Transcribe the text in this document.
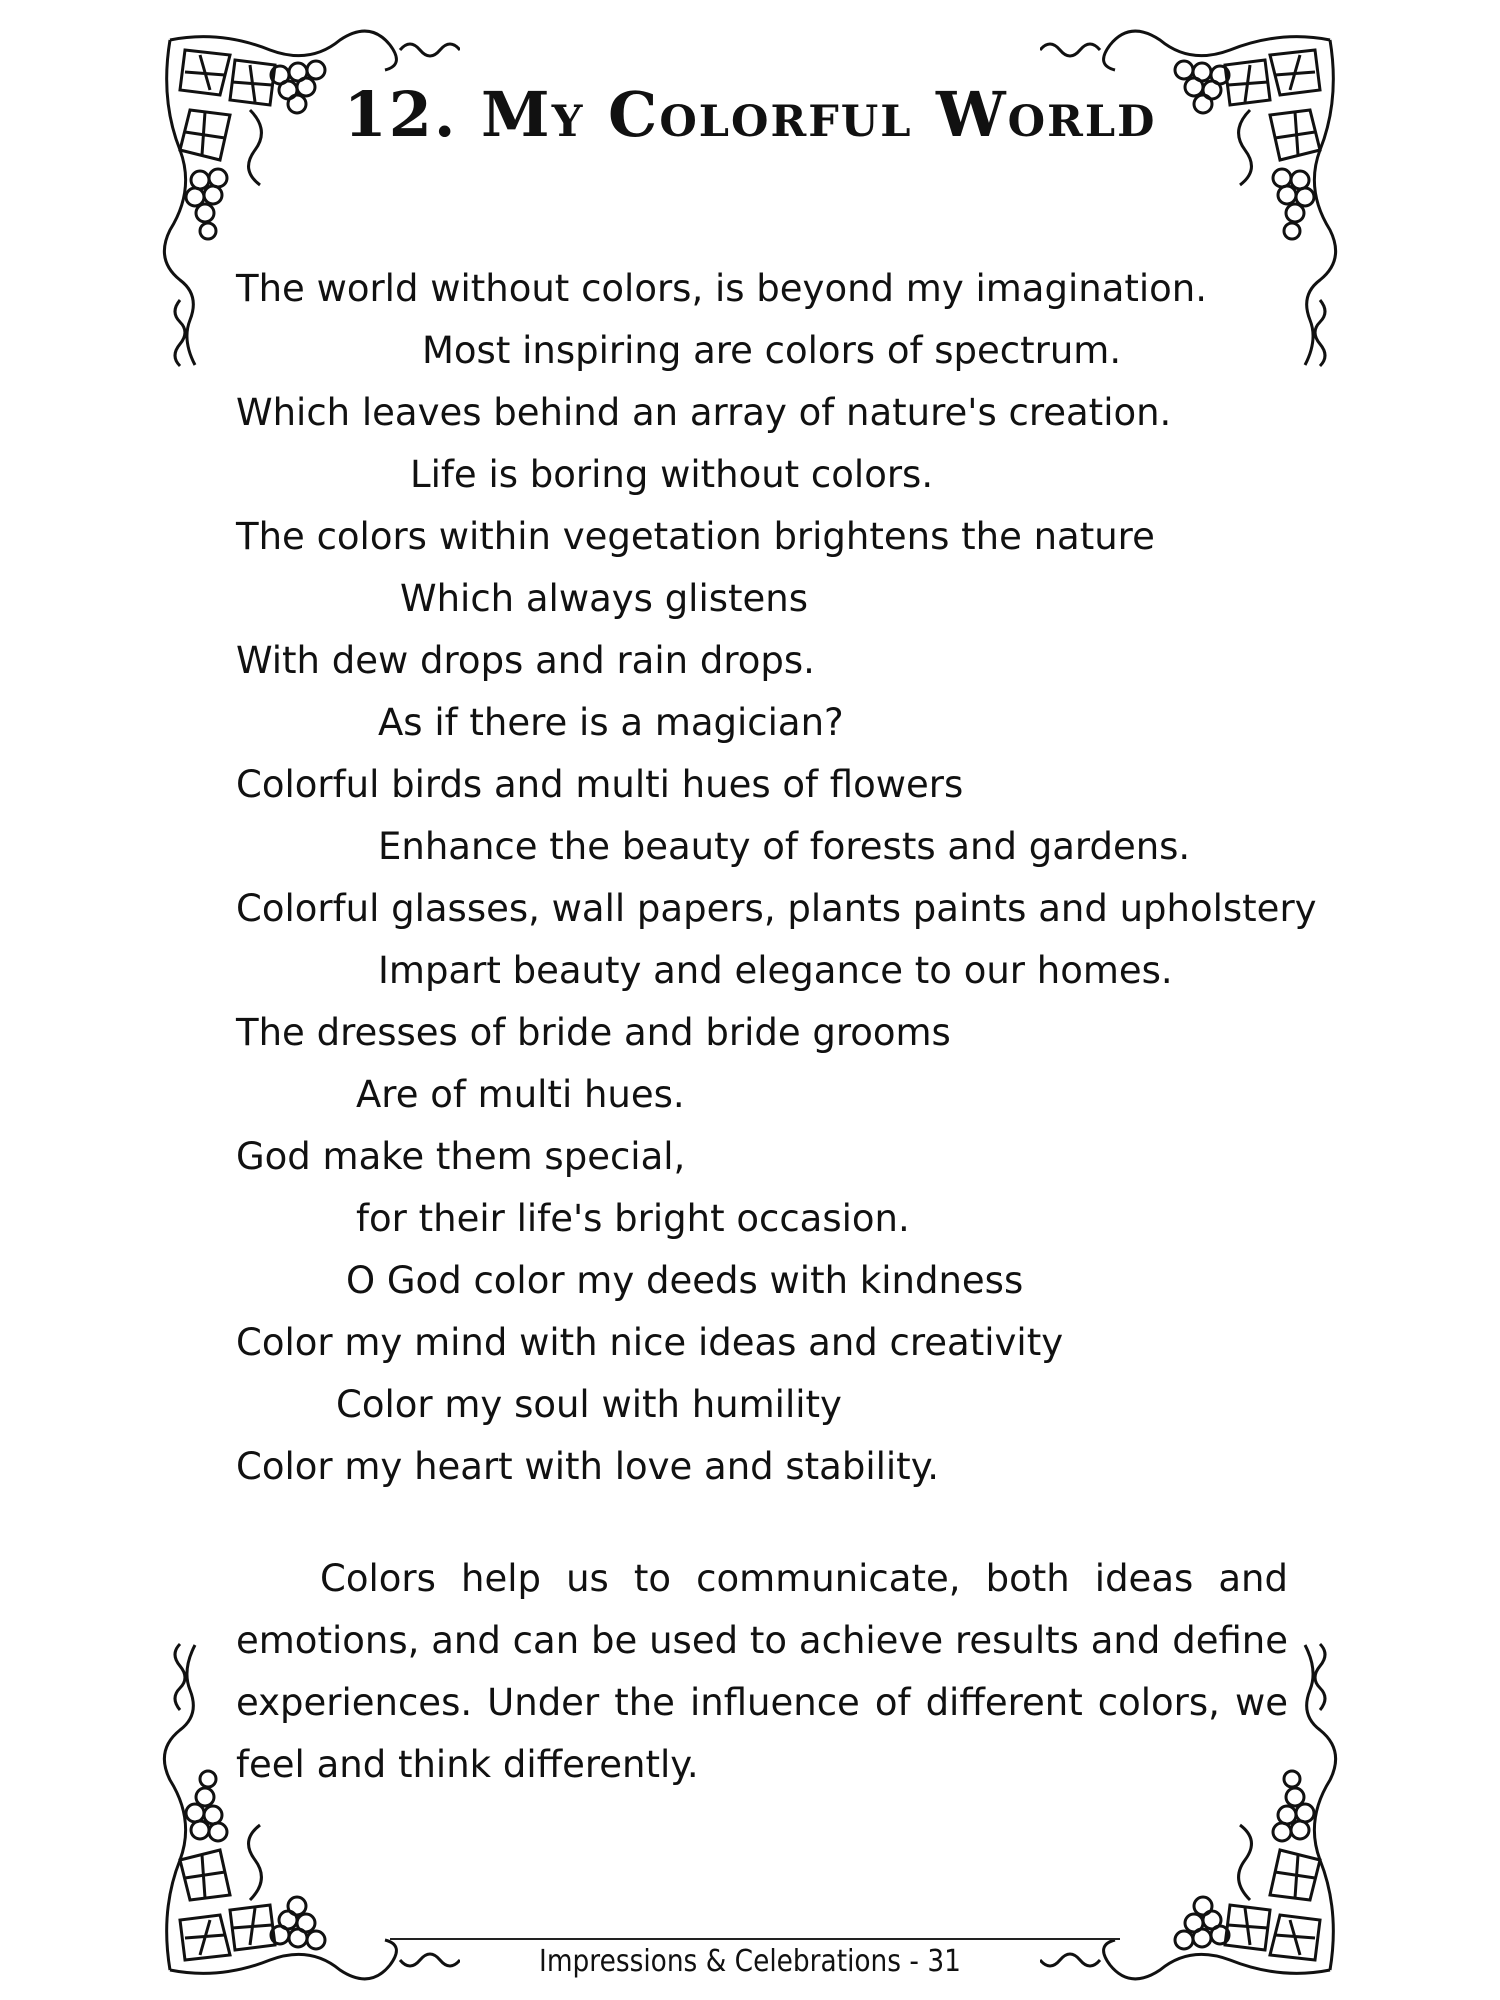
12. My Colorful World
The world without colors, is beyond my imagination.
Most inspiring are colors of spectrum.
Which leaves behind an array of nature's creation.
Life is boring without colors.
The colors within vegetation brightens the nature
Which always glistens
With dew drops and rain drops.
As if there is a magician?
Colorful birds and multi hues of flowers
Enhance the beauty of forests and gardens.
Colorful glasses, wall papers, plants paints and upholstery
Impart beauty and elegance to our homes.
The dresses of bride and bride grooms
Are of multi hues.
God make them special,
for their life's bright occasion.
O God color my deeds with kindness
Color my mind with nice ideas and creativity
Color my soul with humility
Color my heart with love and stability.
Colors help us to communicate, both ideas and emotions, and can be used to achieve results and define experiences. Under the influence of different colors, we feel and think differently.
Impressions & Celebrations - 31
